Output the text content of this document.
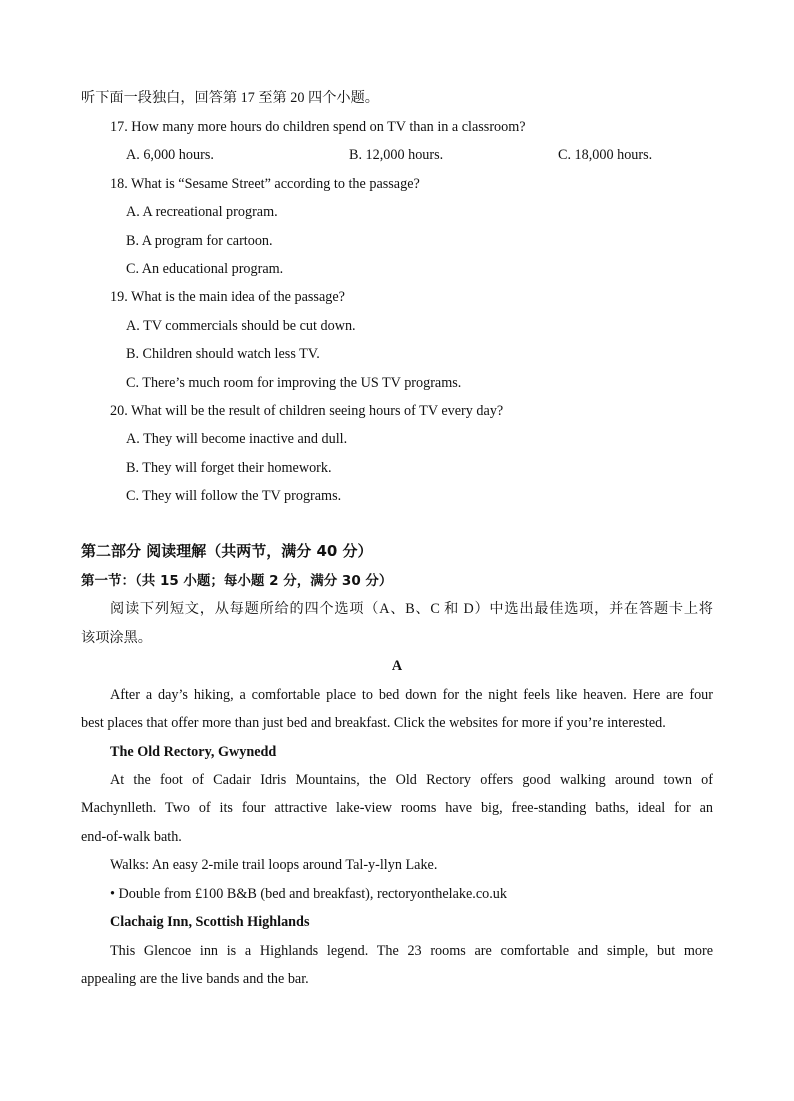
听下面一段独白，回答第 17 至第 20 四个小题。
17. How many more hours do children spend on TV than in a classroom?
A. 6,000 hours.	B. 12,000 hours.	C. 18,000 hours.
18. What is “Sesame Street” according to the passage?
A. A recreational program.
B. A program for cartoon.
C. An educational program.
19. What is the main idea of the passage?
A. TV commercials should be cut down.
B. Children should watch less TV.
C. There’s much room for improving the US TV programs.
20. What will be the result of children seeing hours of TV every day?
A. They will become inactive and dull.
B. They will forget their homework.
C. They will follow the TV programs.
第二部分 阅读理解（共两节，满分 40 分）
第一节：（共 15 小题；每小题 2 分，满分 30 分）
阅读下列短文，从每题所给的四个选项（A、B、C 和 D）中选出最佳选项，并在答题卡上将
该项涂黑。
A
After a day’s hiking, a comfortable place to bed down for the night feels like heaven. Here are four
best places that offer more than just bed and breakfast. Click the websites for more if you’re interested.
The Old Rectory, Gwynedd
At the foot of Cadair Idris Mountains, the Old Rectory offers good walking around town of
Machynlleth. Two of its four attractive lake-view rooms have big, free-standing baths, ideal for an
end-of-walk bath.
Walks: An easy 2-mile trail loops around Tal-y-llyn Lake.
• Double from £100 B&B (bed and breakfast), rectoryonthelake.co.uk
Clachaig Inn, Scottish Highlands
This Glencoe inn is a Highlands legend. The 23 rooms are comfortable and simple, but more
appealing are the live bands and the bar.
